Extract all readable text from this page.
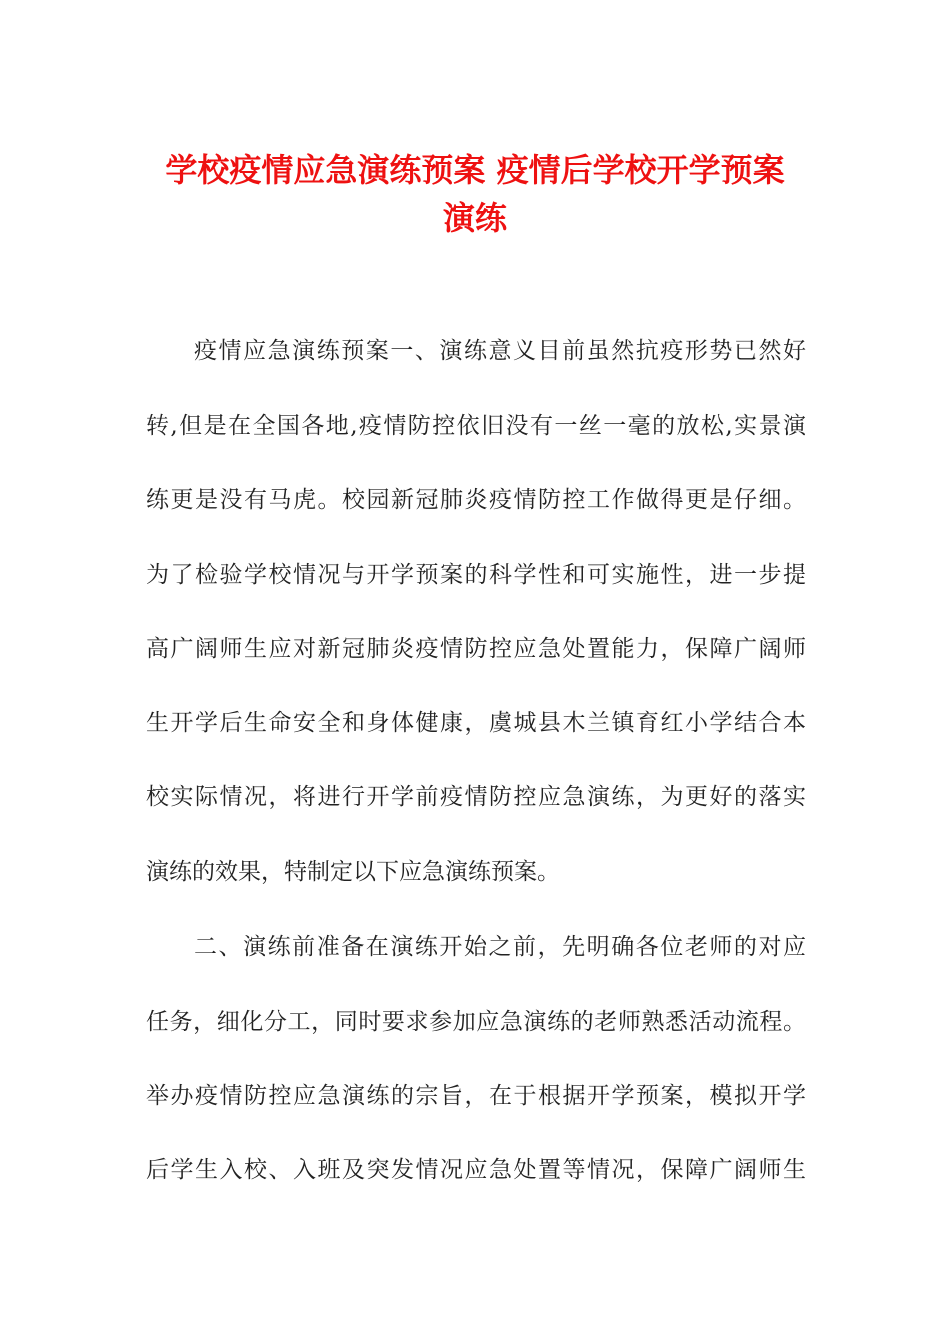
学校疫情应急演练预案 疫情后学校开学预案
演练
疫情应急演练预案一、演练意义目前虽然抗疫形势已然好
转,但是在全国各地,疫情防控依旧没有一丝一毫的放松,实景演
练更是没有马虎。校园新冠肺炎疫情防控工作做得更是仔细。
为了检验学校情况与开学预案的科学性和可实施性，进一步提
高广阔师生应对新冠肺炎疫情防控应急处置能力，保障广阔师
生开学后生命安全和身体健康，虞城县木兰镇育红小学结合本
校实际情况，将进行开学前疫情防控应急演练，为更好的落实
演练的效果，特制定以下应急演练预案。
二、演练前准备在演练开始之前，先明确各位老师的对应
任务，细化分工，同时要求参加应急演练的老师熟悉活动流程。
举办疫情防控应急演练的宗旨，在于根据开学预案，模拟开学
后学生入校、入班及突发情况应急处置等情况，保障广阔师生
